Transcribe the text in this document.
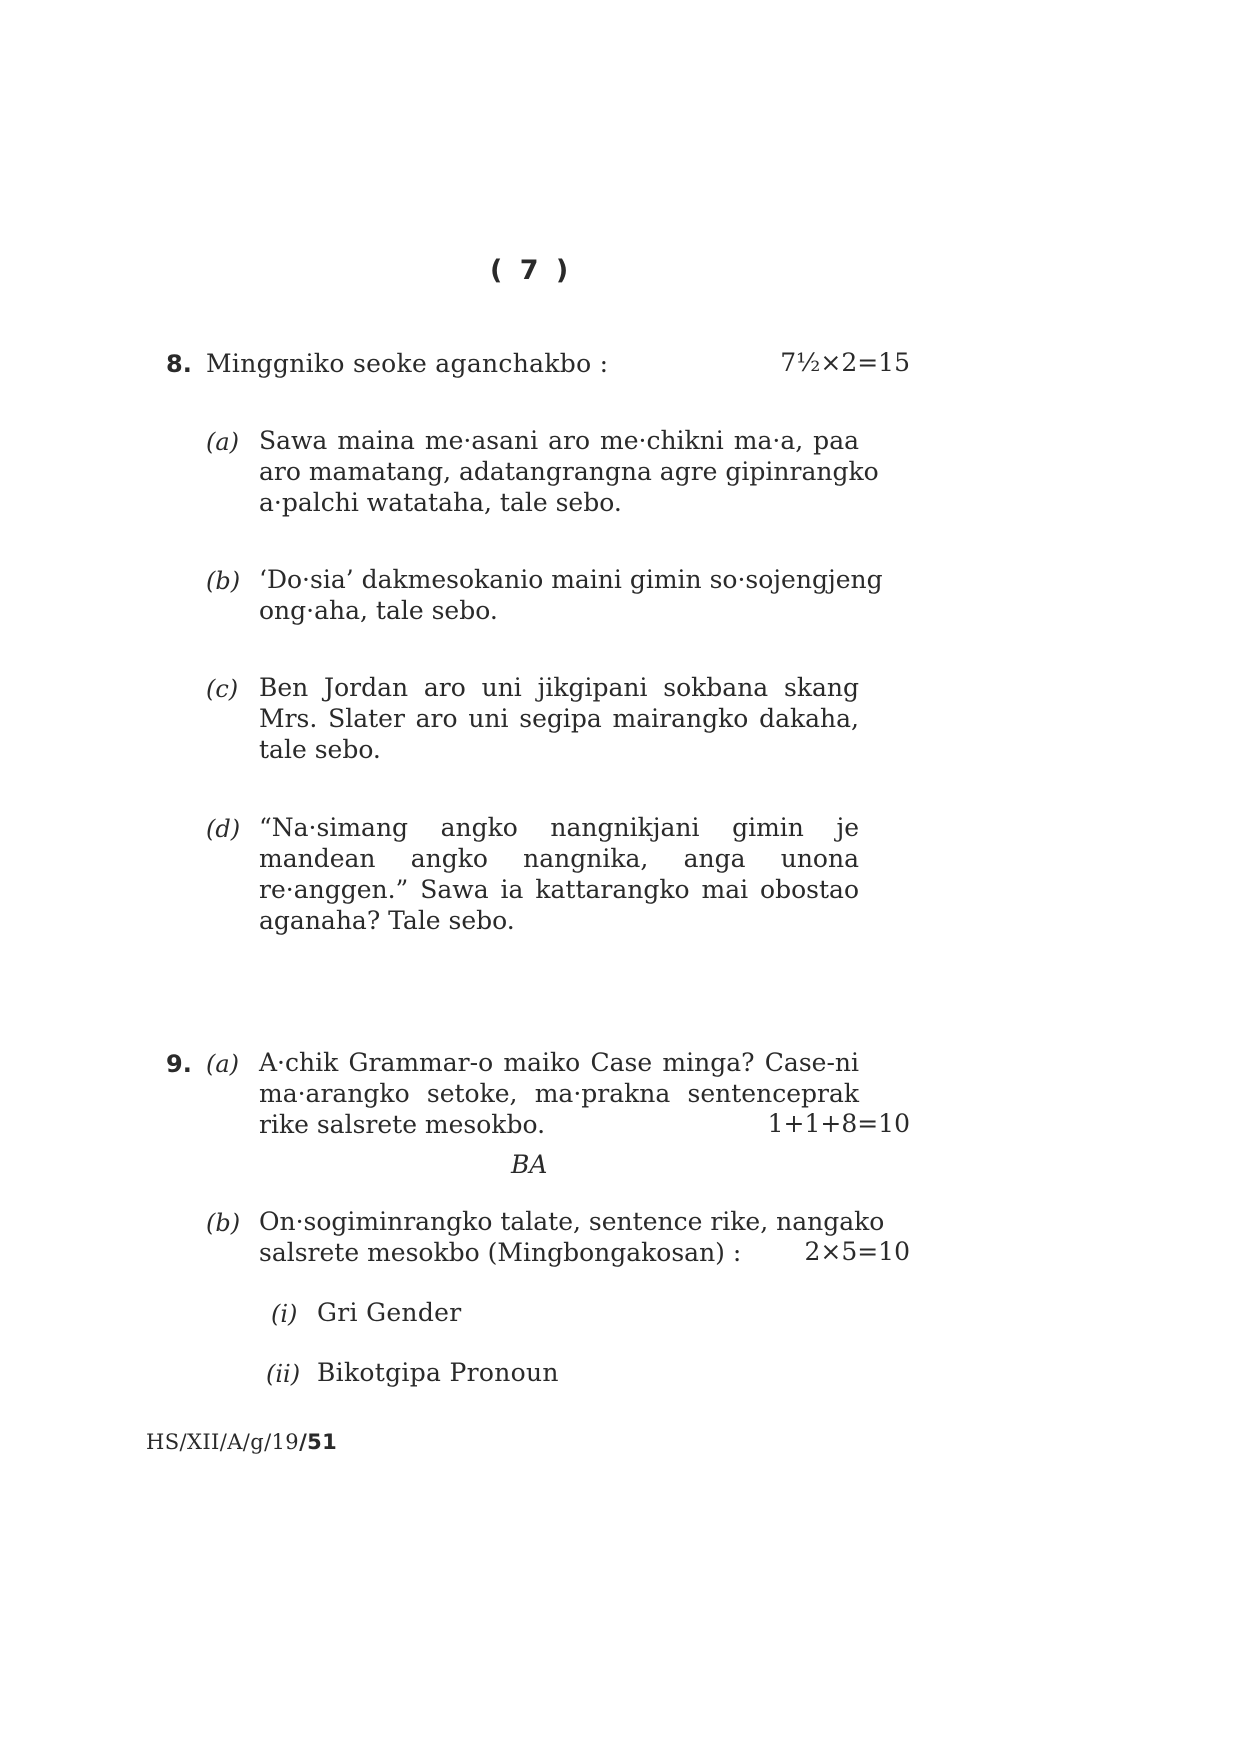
( 7 )
8. Minggniko seoke aganchakbo :	7½×2=15
(a) Sawa maina me·asani aro me·chikni ma·a, paa
aro mamatang, adatangrangna agre gipinrangko
a·palchi watataha, tale sebo.
(b) ‘Do·sia’ dakmesokanio maini gimin so·sojengjeng
ong·aha, tale sebo.
(c) Ben Jordan aro uni jikgipani sokbana skang
Mrs. Slater aro uni segipa mairangko dakaha,
tale sebo.
(d) “Na·simang angko nangnikjani gimin je
mandean angko nangnika, anga unona
re·anggen.” Sawa ia kattarangko mai obostao
aganaha? Tale sebo.
9. (a) A·chik Grammar-o maiko Case minga? Case-ni
ma·arangko setoke, ma·prakna sentenceprak
rike salsrete mesokbo.	1+1+8=10
BA
(b) On·sogiminrangko talate, sentence rike, nangako
salsrete mesokbo (Mingbongakosan) :	2×5=10
(i) Gri Gender
(ii) Bikotgipa Pronoun
HS/XII/A/g/19/51
